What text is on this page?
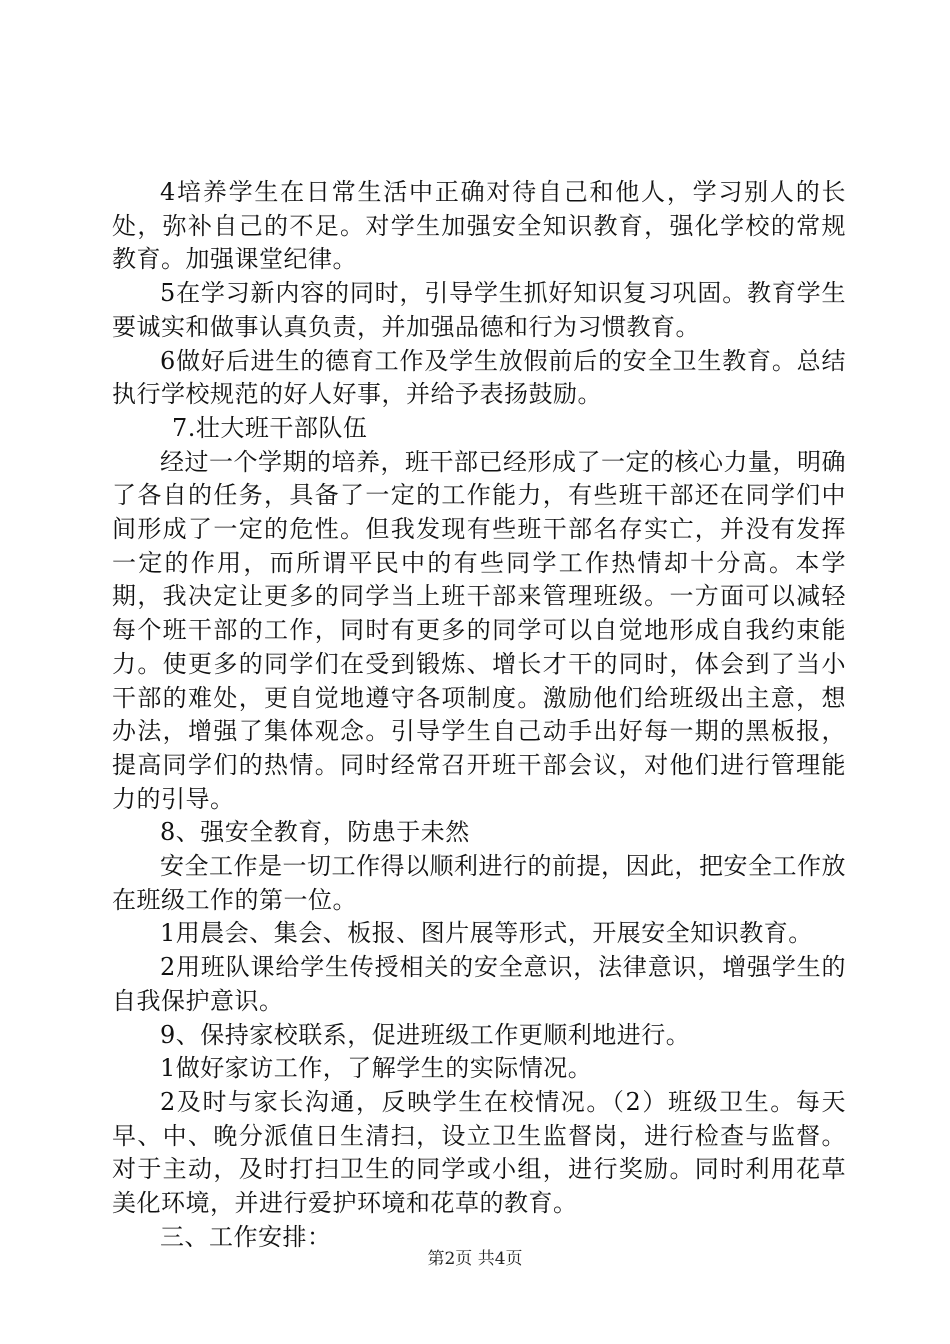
4培养学生在日常生活中正确对待自己和他人，学习别人的长处，弥补自己的不足。对学生加强安全知识教育，强化学校的常规教育。加强课堂纪律。

5在学习新内容的同时，引导学生抓好知识复习巩固。教育学生要诚实和做事认真负责，并加强品德和行为习惯教育。

6做好后进生的德育工作及学生放假前后的安全卫生教育。总结执行学校规范的好人好事，并给予表扬鼓励。

7.壮大班干部队伍

经过一个学期的培养，班干部已经形成了一定的核心力量，明确了各自的任务，具备了一定的工作能力，有些班干部还在同学们中间形成了一定的危性。但我发现有些班干部名存实亡，并没有发挥一定的作用，而所谓平民中的有些同学工作热情却十分高。本学期，我决定让更多的同学当上班干部来管理班级。一方面可以减轻每个班干部的工作，同时有更多的同学可以自觉地形成自我约束能力。使更多的同学们在受到锻炼、增长才干的同时，体会到了当小干部的难处，更自觉地遵守各项制度。激励他们给班级出主意，想办法，增强了集体观念。引导学生自己动手出好每一期的黑板报，提高同学们的热情。同时经常召开班干部会议，对他们进行管理能力的引导。

8、强安全教育，防患于未然

安全工作是一切工作得以顺利进行的前提，因此，把安全工作放在班级工作的第一位。

1用晨会、集会、板报、图片展等形式，开展安全知识教育。

2用班队课给学生传授相关的安全意识，法律意识，增强学生的自我保护意识。

9、保持家校联系，促进班级工作更顺利地进行。

1做好家访工作，了解学生的实际情况。

2及时与家长沟通，反映学生在校情况。（2）班级卫生。每天早、中、晚分派值日生清扫，设立卫生监督岗，进行检查与监督。对于主动，及时打扫卫生的同学或小组，进行奖励。同时利用花草美化环境，并进行爱护环境和花草的教育。

三、工作安排：

第2页 共4页
